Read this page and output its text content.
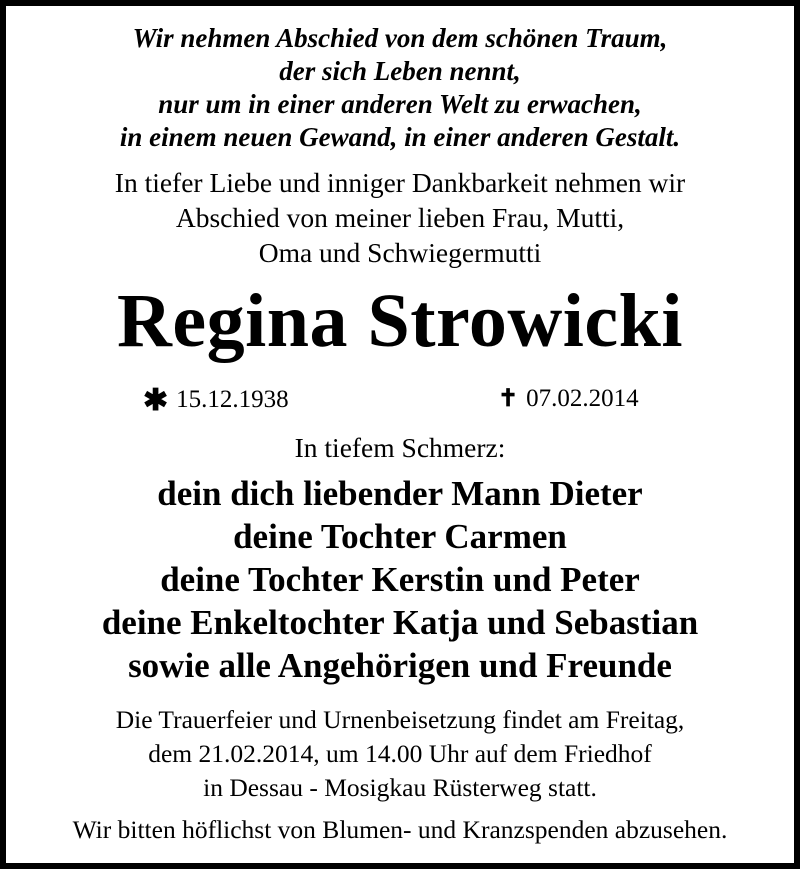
Wir nehmen Abschied von dem schönen Traum,
der sich Leben nennt,
nur um in einer anderen Welt zu erwachen,
in einem neuen Gewand, in einer anderen Gestalt.
In tiefer Liebe und inniger Dankbarkeit nehmen wir
Abschied von meiner lieben Frau, Mutti,
Oma und Schwiegermutti
Regina Strowicki
✱ 15.12.1938	✝ 07.02.2014
In tiefem Schmerz:
dein dich liebender Mann Dieter
deine Tochter Carmen
deine Tochter Kerstin und Peter
deine Enkeltochter Katja und Sebastian
sowie alle Angehörigen und Freunde
Die Trauerfeier und Urnenbeisetzung findet am Freitag,
dem 21.02.2014, um 14.00 Uhr auf dem Friedhof
in Dessau - Mosigkau Rüsterweg statt.
Wir bitten höflichst von Blumen- und Kranzspenden abzusehen.
